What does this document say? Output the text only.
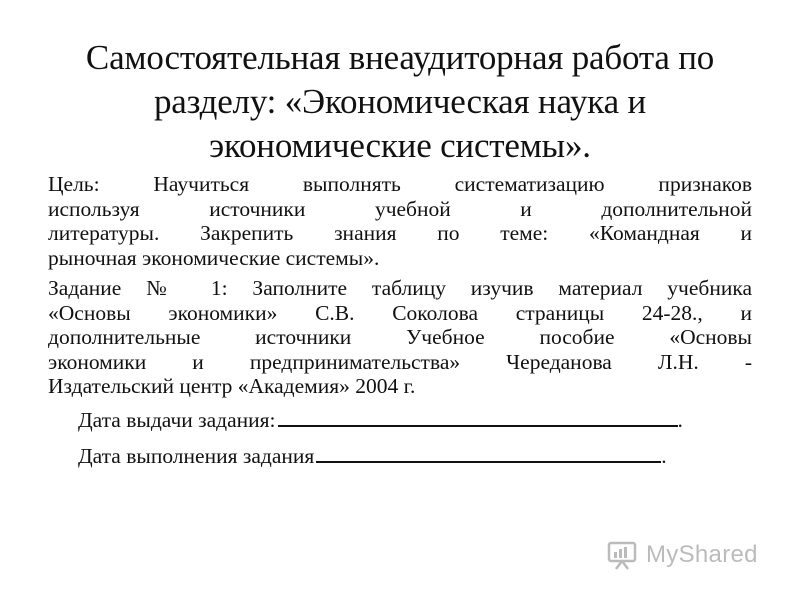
Самостоятельная внеаудиторная работа по
разделу: «Экономическая наука и
экономические системы».
Цель: Научиться выполнять систематизацию признаков
используя источники учебной и дополнительной
литературы. Закрепить знания по теме: «Командная и
рыночная экономические системы».
Задание № 1: Заполните таблицу изучив материал учебника
«Основы экономики» С.В. Соколова страницы 24-28., и
дополнительные источники Учебное пособие «Основы
экономики и предпринимательства» Череданова Л.Н. -
Издательский центр «Академия» 2004 г.
Дата выдачи задания:	.
Дата выполнения задания	.
MyShared
